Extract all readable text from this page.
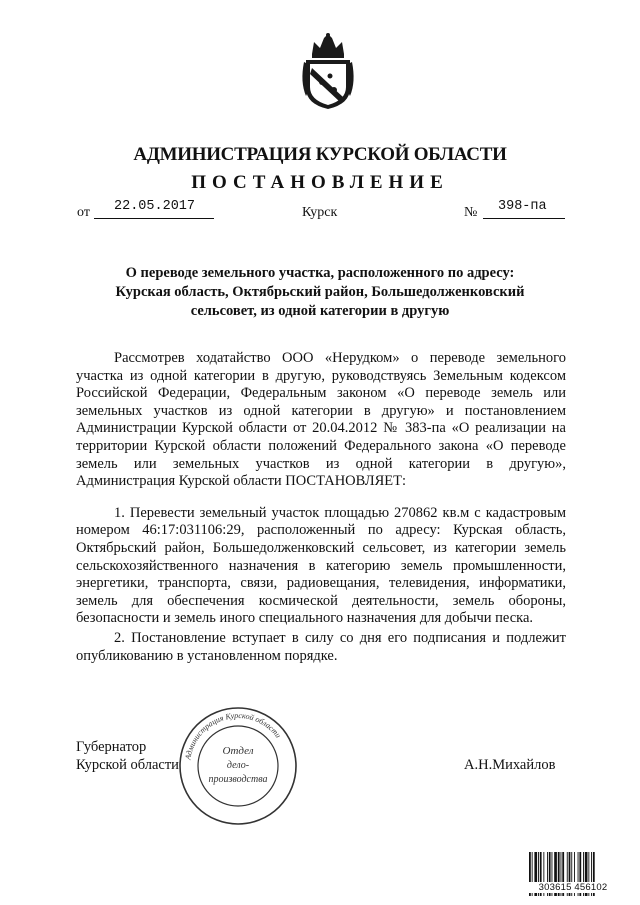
АДМИНИСТРАЦИЯ КУРСКОЙ ОБЛАСТИ
ПОСТАНОВЛЕНИЕ
от 22.05.2017	Курск	№ 398-па
О переводе земельного участка, расположенного по адресу:
Курская область, Октябрьский район, Большедолженковский
сельсовет, из одной категории в другую

Рассмотрев ходатайство ООО «Нерудком» о переводе земельного участка из одной категории в другую, руководствуясь Земельным кодексом Российской Федерации, Федеральным законом «О переводе земель или земельных участков из одной категории в другую» и постановлением Администрации Курской области от 20.04.2012 № 383-па «О реализации на территории Курской области положений Федерального закона «О переводе земель или земельных участков из одной категории в другую», Администрация Курской области ПОСТАНОВЛЯЕТ:

1. Перевести земельный участок площадью 270862 кв.м с кадастровым номером 46:17:031106:29, расположенный по адресу: Курская область, Октябрьский район, Большедолженковский сельсовет, из категории земель сельскохозяйственного назначения в категорию земель промышленности, энергетики, транспорта, связи, радиовещания, телевидения, информатики, земель для обеспечения космической деятельности, земель обороны, безопасности и земель иного специального назначения для добычи песка.

2. Постановление вступает в силу со дня его подписания и подлежит опубликованию в установленном порядке.

Губернатор
Курской области	А.Н.Михайлов
Администрация Курской области
Отдел
дело-
производства
303615 456102
